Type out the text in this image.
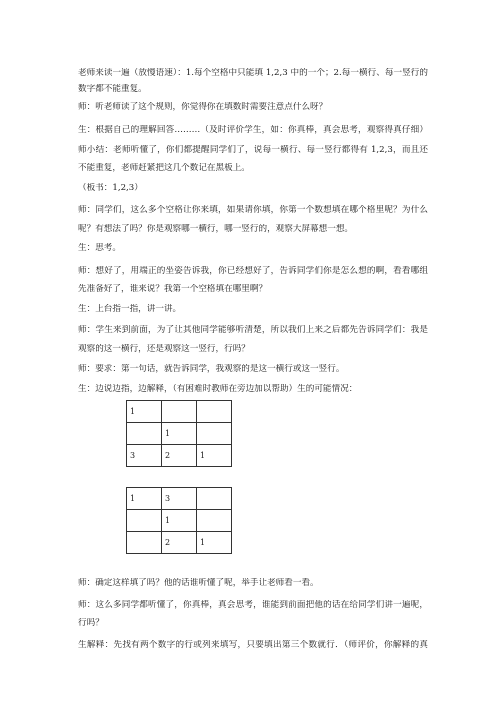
老师来读一遍（放慢语速）：1.每个空格中只能填 1,2,3 中的一个；2.每一横行、每一竖行的
数字都不能重复。
师：听老师读了这个规则，你觉得你在填数时需要注意点什么呀？
生：根据自己的理解回答………（及时评价学生，如：你真棒，真会思考，观察得真仔细）
师小结：老师听懂了，你们都提醒同学们了，说每一横行、每一竖行都得有 1,2,3，而且还
不能重复，老师赶紧把这几个数记在黑板上。
（板书：1,2,3）
师：同学们，这么多个空格让你来填，如果请你填，你第一个数想填在哪个格里呢？为什么
呢？有想法了吗？你是观察哪一横行，哪一竖行的，观察大屏幕想一想。
生：思考。
师：想好了，用端正的坐姿告诉我，你已经想好了，告诉同学们你是怎么想的啊，看看哪组
先准备好了，谁来说？我第一个空格填在哪里啊？
生：上台指一指，讲一讲。
师：学生来到前面，为了让其他同学能够听清楚，所以我们上来之后都先告诉同学们：我是
观察的这一横行，还是观察这一竖行，行吗？
师：要求：第一句话，就告诉同学，我观察的是这一横行或这一竖行。
生：边说边指，边解释，（有困难时教师在旁边加以帮助）生的可能情况：
1		
	1	
3	2	1
1	3	
	1	
	2	1
师：确定这样填了吗？他的话谁听懂了呢，举手让老师看一看。
师：这么多同学都听懂了，你真棒，真会思考，谁能到前面把他的话在给同学们讲一遍呢，
行吗？
生解释：先找有两个数字的行或列来填写，只要填出第三个数就行．（师评价，你解释的真
